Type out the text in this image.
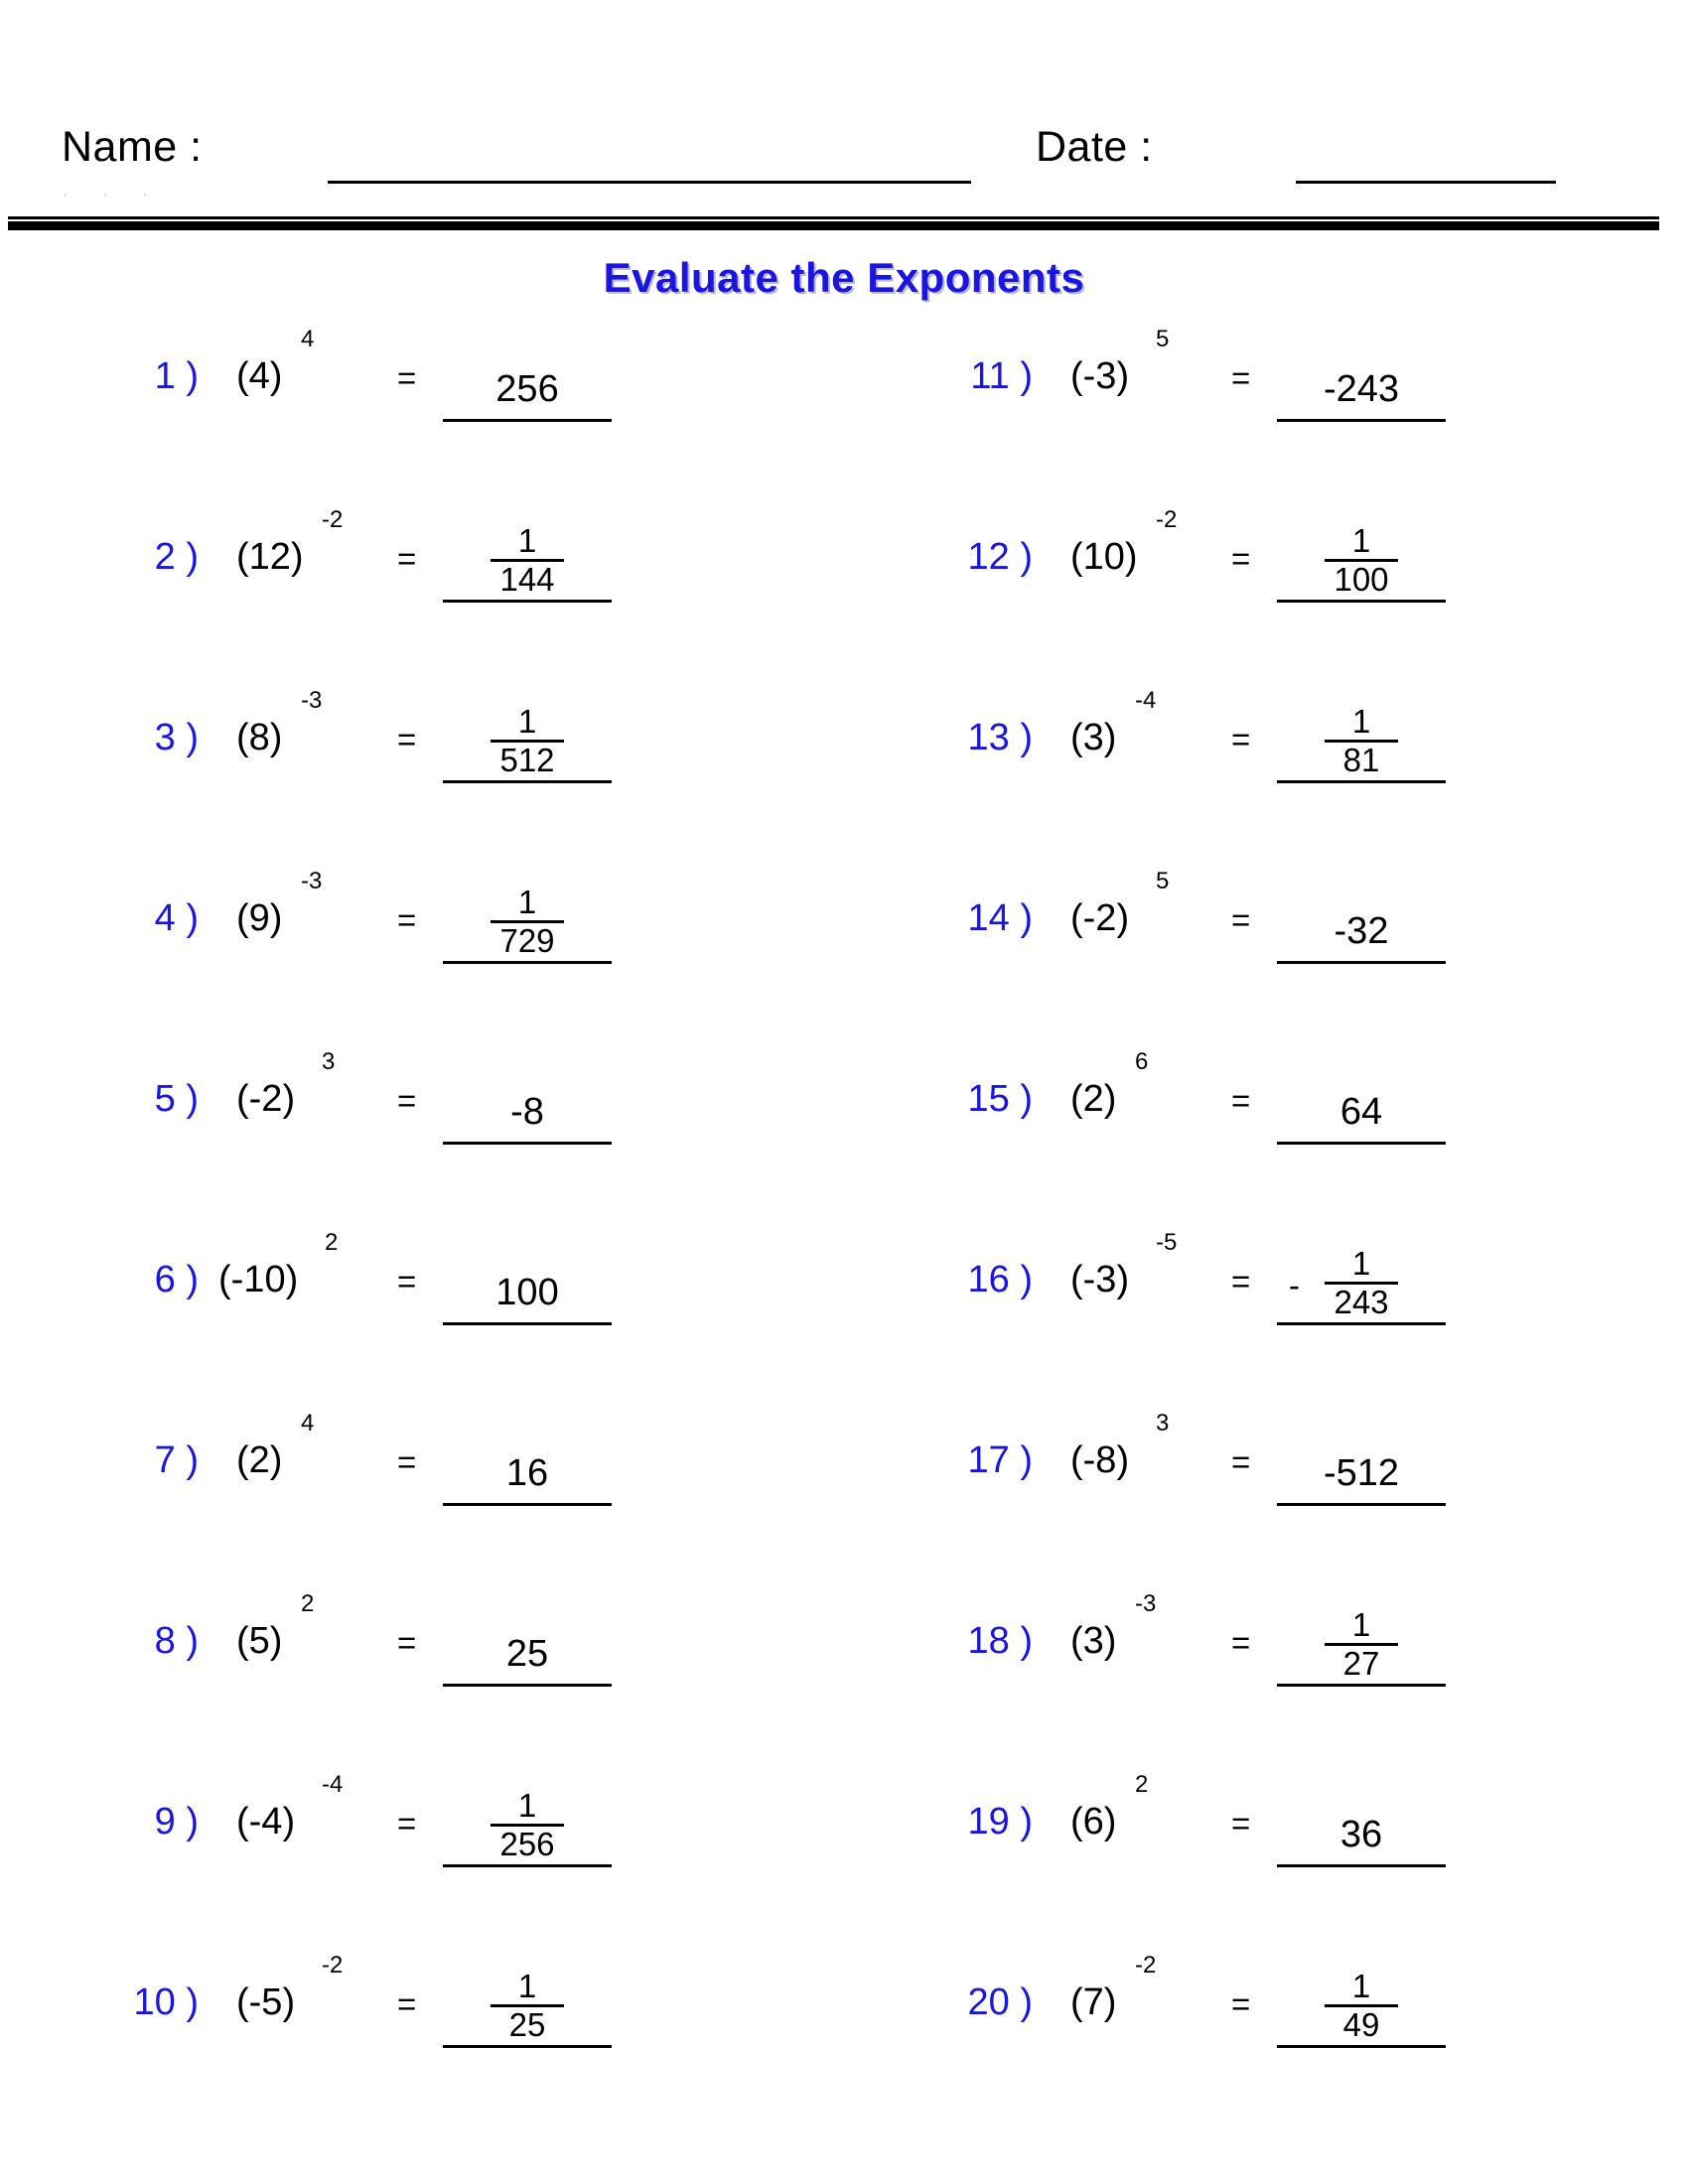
Name :	Date :
· · ·
Evaluate the Exponents
1 ) (4)
4
=	256
2 ) (12)
-2
=	1
144
3 ) (8)
-3
=	1
512
4 ) (9)
-3
=	1
729
5 ) (-2)
3
=	-8
6 ) (-10)
2
=	100
7 ) (2)
4
=	16
8 ) (5)
2
=	25
9 ) (-4)
-4
=	1
256
10 ) (-5)
-2
=	1
25
11 ) (-3)
5
=	-243
12 ) (10)
-2
=	1
100
13 ) (3)
-4
=	1
81
14 ) (-2)
5
=	-32
15 ) (2)
6
=	64
16 ) (-3)
-5
= - $\frac{1}{243}$
17 ) (-8)
3
=	-512
18 ) (3)
-3
=	1
27
19 ) (6)
2
=	36
20 ) (7)
-2
=	1
49
